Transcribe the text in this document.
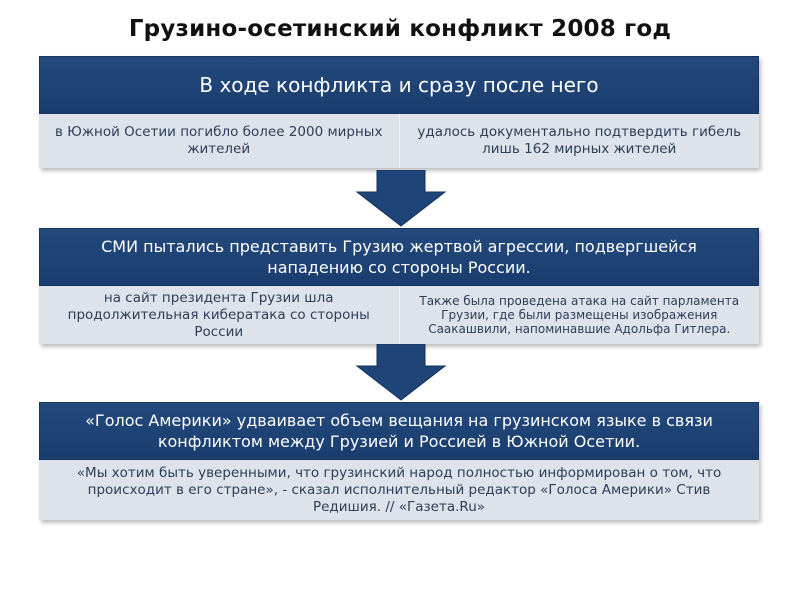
Грузино-осетинский конфликт 2008 год
В ходе конфликта и сразу после него
в Южной Осетии погибло более 2000 мирных жителей
удалось документально подтвердить гибель лишь 162 мирных жителей
СМИ пытались представить Грузию жертвой агрессии, подвергшейся нападению со стороны России.
на сайт президента Грузии шла продолжительная кибератака со стороны России
Также была проведена атака на сайт парламента Грузии, где были размещены изображения Саакашвили, напоминавшие Адольфа Гитлера.
«Голос Америки» удваивает объем вещания на грузинском языке в связи конфликтом между Грузией и Россией в Южной Осетии.
«Мы хотим быть уверенными, что грузинский народ полностью информирован о том, что происходит в его стране», - сказал исполнительный редактор «Голоса Америки» Стив Редишия. // «Газета.Ru»
